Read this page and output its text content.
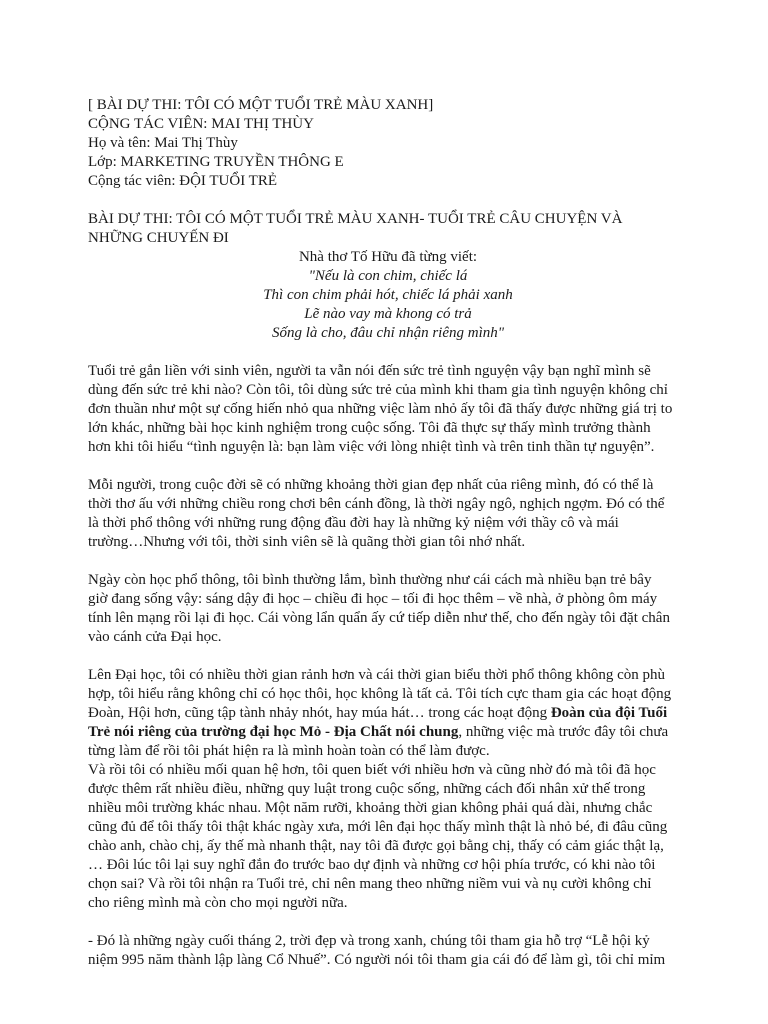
[ BÀI DỰ THI: TÔI CÓ MỘT TUỔI TRẺ MÀU XANH]

CỘNG TÁC VIÊN: MAI THỊ THÙY

Họ và tên: Mai Thị Thùy

Lớp: MARKETING TRUYỀN THÔNG E

Cộng tác viên: ĐỘI TUỔI TRẺ

BÀI DỰ THI: TÔI CÓ MỘT TUỔI TRẺ MÀU XANH- TUỔI TRẺ CÂU CHUYỆN VÀ

NHỮNG CHUYẾN ĐI

Nhà thơ Tố Hữu đã từng viết:

"Nếu là con chim, chiếc lá

Thì con chim phải hót, chiếc lá phải xanh

Lẽ nào vay mà khong có trả

Sống là cho, đâu chỉ nhận riêng mình"

Tuổi trẻ gắn liền với sinh viên, người ta vẫn nói đến sức trẻ tình nguyện vậy bạn nghĩ mình sẽ

dùng đến sức trẻ khi nào? Còn tôi, tôi dùng sức trẻ của mình khi tham gia tình nguyện không chỉ

đơn thuần như một sự cống hiến nhỏ qua những việc làm nhỏ ấy tôi đã thấy được những giá trị to

lớn khác, những bài học kinh nghiệm trong cuộc sống. Tôi đã thực sự thấy mình trưởng thành

hơn khi tôi hiểu “tình nguyện là: bạn làm việc với lòng nhiệt tình và trên tinh thần tự nguyện”.

Mỗi người, trong cuộc đời sẽ có những khoảng thời gian đẹp nhất của riêng mình, đó có thể là

thời thơ ấu với những chiều rong chơi bên cánh đồng, là thời ngây ngô, nghịch ngợm. Đó có thể

là thời phổ thông với những rung động đầu đời hay là những kỷ niệm với thầy cô và mái

trường…Nhưng với tôi, thời sinh viên sẽ là quãng thời gian tôi nhớ nhất.

Ngày còn học phổ thông, tôi bình thường lắm, bình thường như cái cách mà nhiều bạn trẻ bây

giờ đang sống vậy: sáng dậy đi học – chiều đi học – tối đi học thêm – về nhà, ở phòng ôm máy

tính lên mạng rồi lại đi học. Cái vòng lẩn quẩn ấy cứ tiếp diễn như thế, cho đến ngày tôi đặt chân

vào cánh cửa Đại học.

Lên Đại học, tôi có nhiều thời gian rảnh hơn và cái thời gian biểu thời phổ thông không còn phù

hợp, tôi hiểu rằng không chỉ có học thôi, học không là tất cả. Tôi tích cực tham gia các hoạt động

Đoàn, Hội hơn, cũng tập tành nhảy nhót, hay múa hát… trong các hoạt động Đoàn của đội Tuổi

Trẻ nói riêng của trường đại học Mỏ - Địa Chất nói chung, những việc mà trước đây tôi chưa

từng làm để rồi tôi phát hiện ra là mình hoàn toàn có thể làm được.

Và rồi tôi có nhiều mối quan hệ hơn, tôi quen biết với nhiều hơn và cũng nhờ đó mà tôi đã học

được thêm rất nhiều điều, những quy luật trong cuộc sống, những cách đối nhân xử thế trong

nhiều môi trường khác nhau. Một năm rưỡi, khoảng thời gian không phải quá dài, nhưng chắc

cũng đủ để tôi thấy tôi thật khác ngày xưa, mới lên đại học thấy mình thật là nhỏ bé, đi đâu cũng

chào anh, chào chị, ấy thế mà nhanh thật, nay tôi đã được gọi bằng chị, thấy có cảm giác thật lạ,

… Đôi lúc tôi lại suy nghĩ đắn đo trước bao dự định và những cơ hội phía trước, có khi nào tôi

chọn sai? Và rồi tôi nhận ra Tuổi trẻ, chỉ nên mang theo những niềm vui và nụ cười không chỉ

cho riêng mình mà còn cho mọi người nữa.

- Đó là những ngày cuối tháng 2, trời đẹp và trong xanh, chúng tôi tham gia hỗ trợ “Lễ hội kỷ

niệm 995 năm thành lập làng Cổ Nhuế”. Có người nói tôi tham gia cái đó để làm gì, tôi chỉ mỉm
